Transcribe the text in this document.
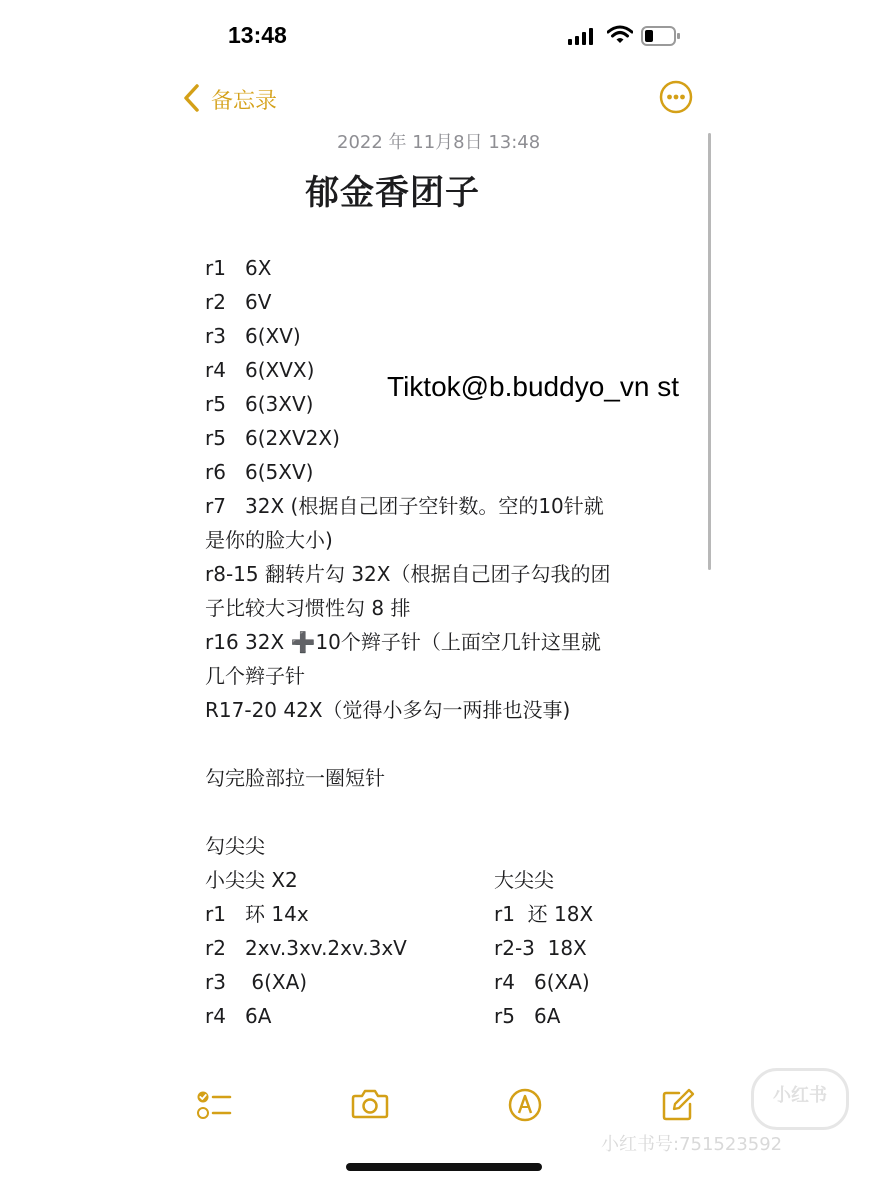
13:48
备忘录
2022 年 11月8日 13:48
郁金香团子
r1   6X
r2   6V
r3   6(XV)
r4   6(XVX)
r5   6(3XV)
r5   6(2XV2X)
r6   6(5XV)
r7   32X (根据自己团子空针数。空的10针就
是你的脸大小)
r8-15 翻转片勾 32X（根据自己团子勾我的团
子比较大习惯性勾 8 排
r16 32X ➕10个辫子针（上面空几针这里就
几个辫子针
R17-20 42X（觉得小多勾一两排也没事)
勾完脸部拉一圈短针
勾尖尖
小尖尖 X2
r1   环 14x
r2   2xv.3xv.2xv.3xV
r3    6(XA)
r4   6A
大尖尖
r1  还 18X
r2-3  18X
r4   6(XA)
r5   6A
Tiktok@b.buddyo_vn st
小红书
小红书号:751523592
